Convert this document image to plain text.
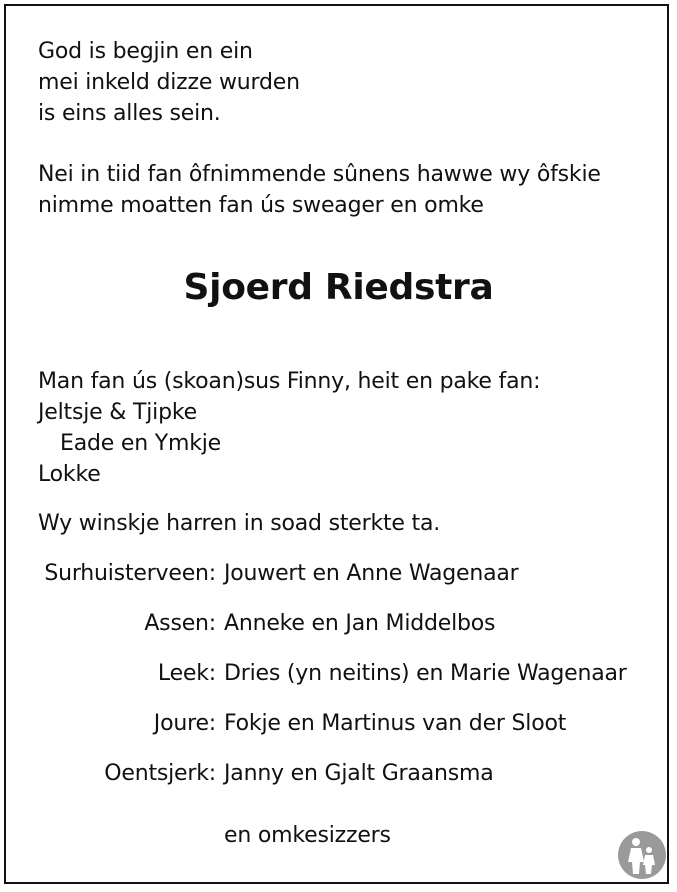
God is begjin en ein
mei inkeld dizze wurden
is eins alles sein.
Nei in tiid fan ôfnimmende sûnens hawwe wy ôfskie
nimme moatten fan ús sweager en omke
Sjoerd Riedstra
Man fan ús (skoan)sus Finny, heit en pake fan:
Jeltsje & Tjipke
Eade en Ymkje
Lokke
Wy winskje harren in soad sterkte ta.
Surhuisterveen: Jouwert en Anne Wagenaar
Assen: Anneke en Jan Middelbos
Leek: Dries (yn neitins) en Marie Wagenaar
Joure: Fokje en Martinus van der Sloot
Oentsjerk: Janny en Gjalt Graansma
en omkesizzers
